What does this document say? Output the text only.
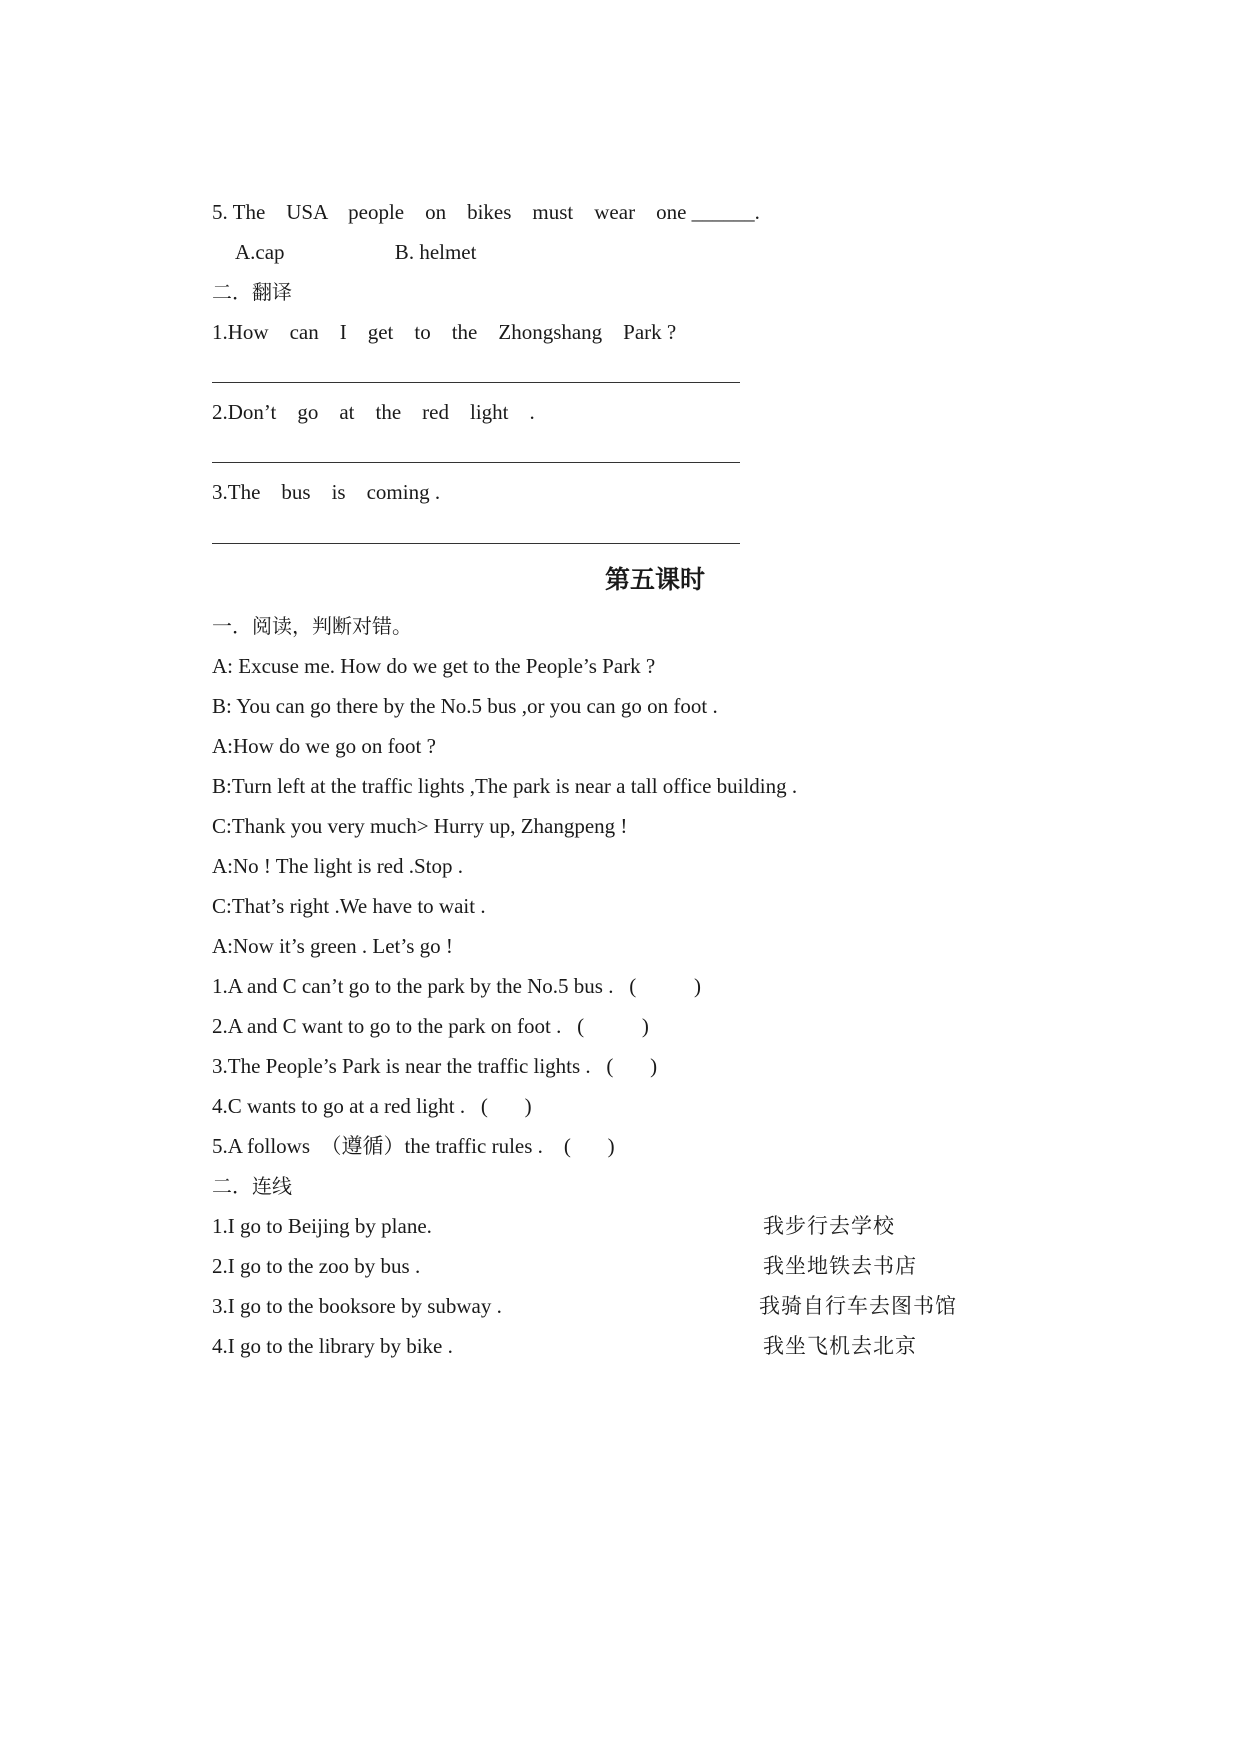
5. The    USA    people    on    bikes    must    wear    one ______.
A.cap                     B. helmet
二．翻译
1.How    can    I    get    to    the    Zhongshang    Park ?
2.Don’t    go    at    the    red    light    .
3.The    bus    is    coming .
第五课时
一．阅读，判断对错。
A: Excuse me. How do we get to the People’s Park ?
B: You can go there by the No.5 bus ,or you can go on foot .
A:How do we go on foot ?
B:Turn left at the traffic lights ,The park is near a tall office building .
C:Thank you very much> Hurry up, Zhangpeng !
A:No ! The light is red .Stop .
C:That’s right .We have to wait .
A:Now it’s green . Let’s go !
1.A and C can’t go to the park by the No.5 bus .   (           )
2.A and C want to go to the park on foot .   (           )
3.The People’s Park is near the traffic lights .   (       )
4.C wants to go at a red light .   (       )
5.A follows  （遵循）the traffic rules .    (       )
二．连线
1.I go to Beijing by plane.
2.I go to the zoo by bus .
3.I go to the booksore by subway .
4.I go to the library by bike .
我步行去学校
我坐地铁去书店
我骑自行车去图书馆
我坐飞机去北京
